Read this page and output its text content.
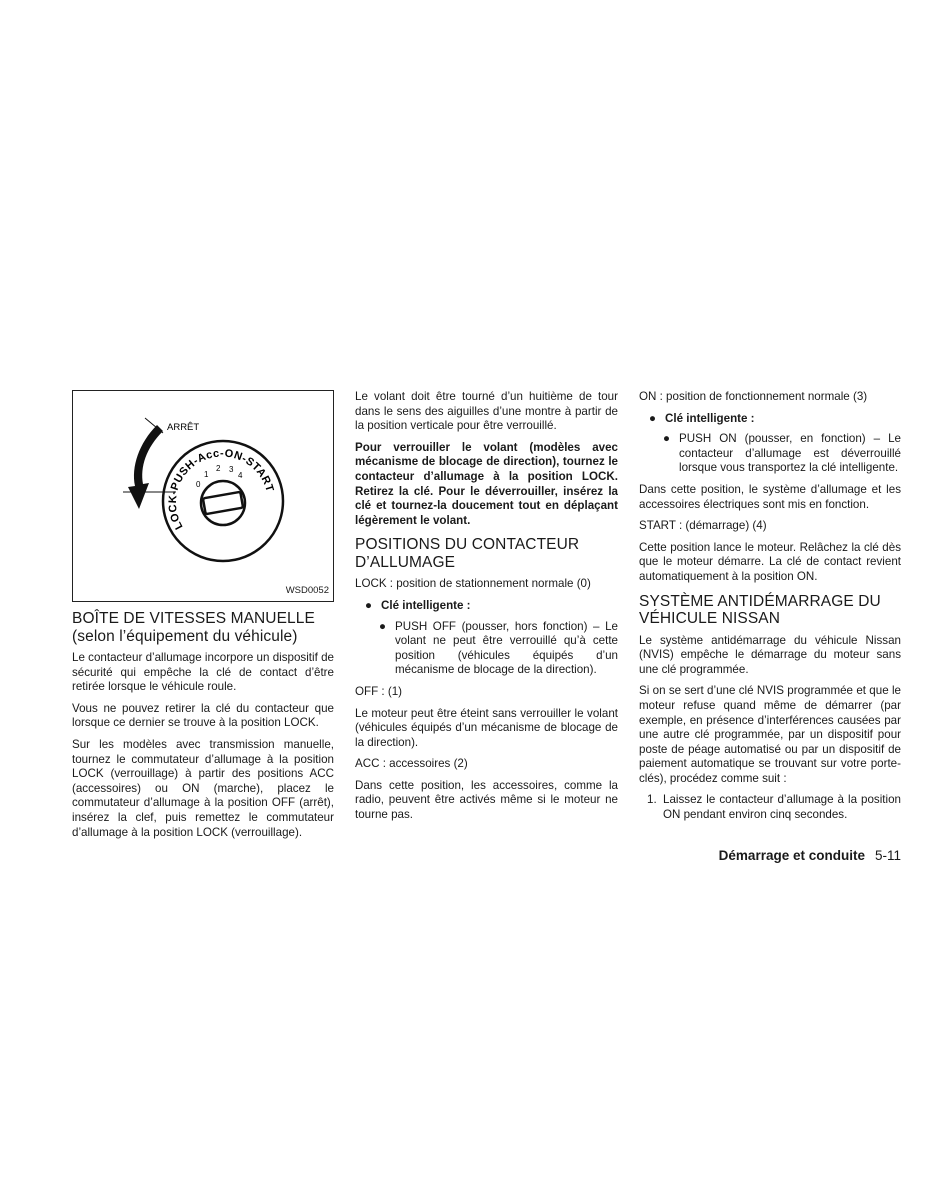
ARRÊT
LOCK-PUSH-Acc-ON-START
0
1
2 3
4
WSD0052
BOÎTE DE VITESSES MANUELLE
(selon l’équipement du véhicule)

Le contacteur d’allumage incorpore un dispositif de sécurité qui empêche la clé de contact d’être retirée lorsque le véhicule roule.

Vous ne pouvez retirer la clé du contacteur que lorsque ce dernier se trouve à la position LOCK.

Sur les modèles avec transmission manuelle, tournez le commutateur d’allumage à la position LOCK (verrouillage) à partir des positions ACC (accessoires) ou ON (marche), placez le commutateur d’allumage à la position OFF (arrêt), insérez la clef, puis remettez le commutateur d’allumage à la position LOCK (verrouillage).

Le volant doit être tourné d’un huitième de tour dans le sens des aiguilles d’une montre à partir de la position verticale pour être verrouillé.

Pour verrouiller le volant (modèles avec mécanisme de blocage de direction), tournez le contacteur d’allumage à la position LOCK. Retirez la clé. Pour le déverrouiller, insérez la clé et tournez-la doucement tout en déplaçant légèrement le volant.

POSITIONS DU CONTACTEUR D’ALLUMAGE

LOCK : position de stationnement normale (0)

● Clé intelligente :
● PUSH OFF (pousser, hors fonction) – Le volant ne peut être verrouillé qu’à cette position (véhicules équipés d’un mécanisme de blocage de la direction).

OFF : (1)

Le moteur peut être éteint sans verrouiller le volant (véhicules équipés d’un mécanisme de blocage de la direction).

ACC : accessoires (2)

Dans cette position, les accessoires, comme la radio, peuvent être activés même si le moteur ne tourne pas.

ON : position de fonctionnement normale (3)

● Clé intelligente :
● PUSH ON (pousser, en fonction) – Le contacteur d’allumage est déverrouillé lorsque vous transportez la clé intelligente.

Dans cette position, le système d’allumage et les accessoires électriques sont mis en fonction.

START : (démarrage) (4)

Cette position lance le moteur. Relâchez la clé dès que le moteur démarre. La clé de contact revient automatiquement à la position ON.

SYSTÈME ANTIDÉMARRAGE DU VÉHICULE NISSAN

Le système antidémarrage du véhicule Nissan (NVIS) empêche le démarrage du moteur sans une clé programmée.

Si on se sert d’une clé NVIS programmée et que le moteur refuse quand même de démarrer (par exemple, en présence d’interférences causées par une autre clé programmée, par un dispositif pour poste de péage automatisé ou par un dispositif de paiement automatique se trouvant sur votre porte-clés), procédez comme suit :

1. Laissez le contacteur d’allumage à la position ON pendant environ cinq secondes.
Démarrage et conduite 5-11
